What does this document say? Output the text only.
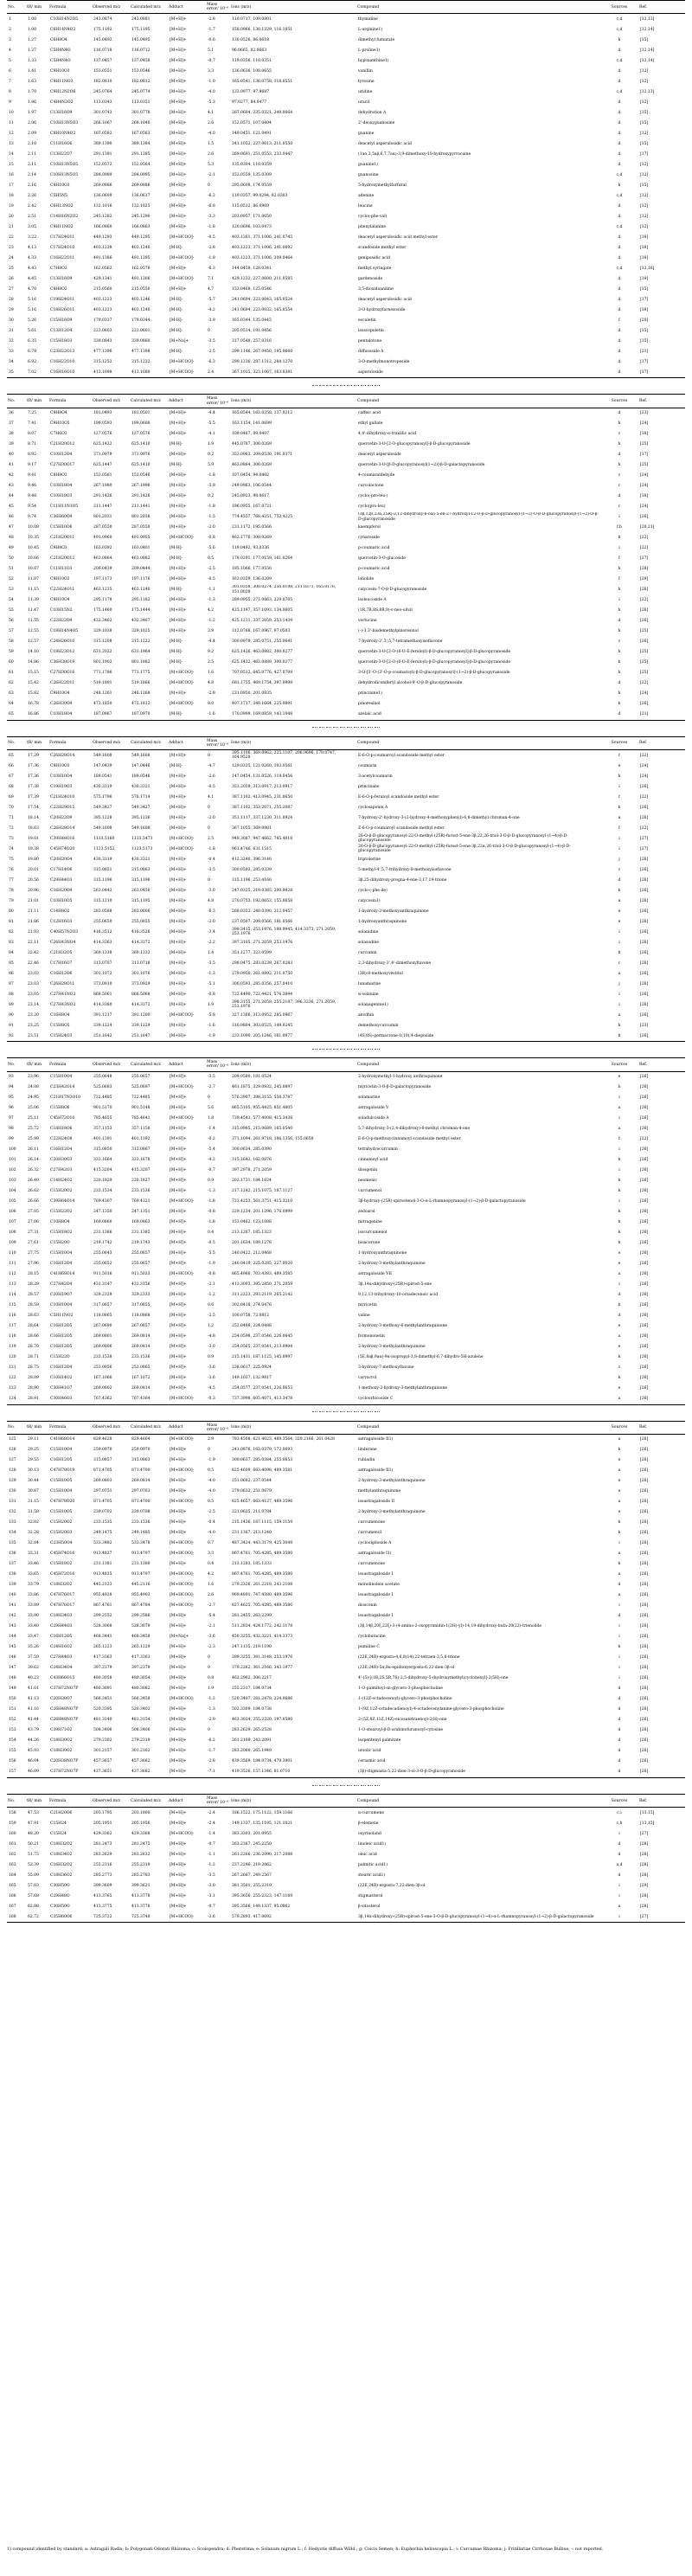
No.	tR/ min	Formula	Observed m/z	Calculated m/z	Adduct	Mass error/ 10⁻⁶	Ions (m/z)	Compound	Sources	Ref.
1	1.00	C10H14N2O5	243.0874	243.0881	[M+H]+	-2.8	110.0717, 109.0801	thymidine	c,d	[12,13]
2	1.00	C6H14N4O2	175.1192	175.1195	[M+H]+	-1.7	158.0966, 130.1329, 116.1051	L-arginine1)	c,d	[12,14]
3	1.27	C6H8O4	145.0492	145.0495	[M+H]+	-0.6	130.0526, 86.0618	dimethyl fumarate	h	[15]
4	1.27	C5H4N4O	116.0718	116.0712	[M+H]+	5.1	96.0665, 82.0663	L-proline1)	d	[12,14]
5	1.33	C5H4N4O	137.0457	137.0458	[M+H]+	-0.7	119.0356, 110.0351	hypoxanthine1)	c,d	[12,14]
6	1.41	C9H10O3	153.0551	153.0546	[M+H]+	3.3	136.0636, 108.0655	vanillin	d	[12]
7	1.63	C9H11NO3	182.0810	182.0812	[M+H]+	-1.0	165.0541, 136.0758, 118.0551	tyrosine	d	[12]
8	1.70	C9H12N2O6	245.0764	245.0774	[M+H]+	-4.0	133.0977, 97.9687	uridine	c,d	[12,13]
9	1.86	C4H4N2O2	113.0343	113.0351	[M+H]+	-5.3	97.0277, 84.0477	uracil	d	[12]
10	1.97	C13H16O9	301.0743	301.0778	[M+H]+	4.1	267.0604, 235.0321, 249.0064	dehydration A	d	[15]
11	2.06	C10H13N5O3	266.1067	268.1040	[M+H]+	2.6	152.0571, 107.0404	2'-deoxyguanosine	d	[15]
12	2.09	C8H10N4O2	167.0582	167.0563	[M+H]+	-4.0	149.0451, 121.0491	guanine	d	[12]
13	2.10	C11H16O6	389.1390	389.1384	[M+H]+	1.5	341.1052, 227.0613, 211.0550	deacetyl asperulosidic acid	d	[15]
14	2.11	C13H22O7	291.1391	291.1385	[M+H]+	2.6	269.0691, 251.0553, 233.0447	(1aα,3,5aβ,6,7,7aα)-3,9-dimethoxy-10-hydroxypyrrocaine	d	[17]
15	2.11	C10H13N5O5	152.0572	152.0564	[M+H]+	5.3	135.0304, 110.0359	guanine1)	d	[12]
16	2.14	C10H13N5O5	284.0989	284.0995	[M+H]+	-2.1	152.0559, 135.0309	guanosine	c,d	[12]
17	2.16	C8H10O3	269.0886	269.0886	[M+H]+	0	295.0608, 174.0559	5-hydroxymethylfurfural	h	[15]
18	2.26	C5H5N5	136.0609	136.0617	[M+H]+	-6.2	119.0357, 99.0294, 82.0303	adenine	c,d	[12]
19	2.42	C6H13NO2	132.1016	132.1025	[M+H]+	-6.8	115.0512, 86.0969	leucine	d	[12]
20	2.51	C14H16N2O2	245.1282	245.1290	[M+H]+	-3.3	203.0957, 171.0650	cyclo(-phe-val)	d	[12]
21	3.05	C9H11NO2	166.0860	166.0863	[M+H]+	-1.8	120.0696, 103.0473	phenylalanine	c,d	[12]
22	3.22	C17H24O11	449.1293	449.1295	[M+HCOO]-	-0.5	403.1261, 371.1006, 241.0745	deacetyl asperulosidic acid methyl ester	d	[18]
23	4.13	C17H24O10	403.1238	403.1240	[M-H]-	-2.8	403.1223, 371.1006, 241.0692	scandoside methyl ester	d	[18]
24	4.33	C16H22O11	491.1386	491.1395	[M+HCOO]-	-1.9	403.1223, 371.1006, 209.0464	geniposidic acid	d	[18]
25	4.43	C7H8O3	162.0562	162.0576	[M+H]+	-6.3	144.0458, 128.0341	methyl syringate	c,d	[12,16]
26	4.45	C13H16O9	429.1341	491.1306	[M+HCOO]-	7.1	429.1232, 227.0600, 211.0585	gardenoside	d	[19]
27	4.70	C8H8O2	215.0560	215.0550	[M+H]+	4.7	153.0468, 125.0546	3,5-dioxidoaniline	d	[15]
28	5.16	C19H24O11	403.1223	403.1246	[M-H]-	-5.7	241.0694, 223.0043, 165.0524	deacetyl asperulosidic acid	d	[17]
29	5.16	C18H26O11	403.1223	403.1240	[M-H]-	-4.2	241.0694, 223.0032, 165.0554	3-O-hydroxyfarnesoside	d	[18]
30	5.26	C15H16O9	179.0337	179.0344	[M-H]-	-3.9	165.0344, 135.0445	esculetin	f	[20]
31	5.61	C13H12O4	223.0603	223.0601	[M-H]-	0	205.0514, 191.0456	isoscopoletin	d	[15]
32	6.35	C15H18O3	339.0843	339.0860	[M+Na]+	-3.5	317.0548, 257.0316	pentalotone	d	[15]
33	6.79	C23H22O13	477.1396	477.1398	[M-H]-	-2.5	299.1146, 267.0450, 195.0660	diffusoside A	d	[21]
34	6.92	C16H22O10	315.1252	315.1232	[M+HCOO]-	-6.3	299.1236, 287.1312, 284.1270	3-O-methylmonotropeside	d	[17]
35	7.02	C16H16O10	413.1098	413.1080	[M+HCOO]-	2.4	367.1015, 323.1067, 163.0381	asperoloside	d	[17]
No.	tR/ min	Formula	Observed m/z	Calculated m/z	Adduct	Mass error/ 10⁻⁶	Ions (m/z)	Compound	Sources	Ref.
36	7.25	C9H8O4	181.0493	181.0501	[M+H]+	-4.4	165.0544, 163.0358, 137.0212	caffeic acid	d	[23]
37	7.41	C9H10O5	199.0593	199.0606	[M+H]+	-5.5	163.1154, 141.0699	ethyl gallate	h	[24]
38	8.07	C7H6O3	127.0576	127.0576	[M+H]+	-4.1	109.0467, 89.0407	4,4'-dihydroxy-α-truxillic acid	c	[18]
39	8.71	C21H20O12	625.1422	625.1410	[M-H]-	1.9	445.0767, 300.0269	quercetin-3-O-[2-O-glucopyranosyl]-β-D-glucopyranoside	b	[25]
40	8.92	C10H12O4	371.0979	371.0976	[M+H]+	0.2	353.0963, 209.0530, 191.0371	deacetyl asperuloside	d	[17]
41	9.17	C27H30O17	625.1447	625.1410	[M-H]-	5.9	463.0864, 300.0269	quercetin-3-O-[β-D-glucopyranosyl(1→2)]-β-D-galactopyranoside	b	[25]
42	9.41	C8H8O3	153.0561	153.0546	[M+H]+	-1.8	107.0454, 94.0402	4-coumaraldehyde	c	[24]
43	9.46	C10H18O4	267.1980	267.1996	[M+H]+	-3.8	249.0963, 106.0544	curcolactone	c	[24]
44	9.48	C10H18O3	291.1426	291.1426	[M+H]+	0.2	245.0923, 98.0617	cyclo(-pro-leu-)	d	[18]
45	9.54	C11H11N1O5	211.1447	211.1441	[M+H]+	-1.8	196.0955, 167.0721	cyclo(pro-leu)	c	[24]
46	9.74	C36H60O9	801.2031	801.2038	[M+H]+	-1.5	774.4557, 768.4251, 752.4225	(3β,12β,23α,25R)-3,12-dihydroxy-6-oxo-5-en-27-hydroxyl-12-O-β-D-glucopyranosyl-(1→2)-O-β-D-glucopyranosyl-(1→2)-O-β-D-glucopyranoside	i	[26]
47	10.08	C15H10O6	287.0550	287.0550	[M+H]+	-2.0	231.1172, 195.0566	kaempferol	f,h	[20,21]
48	10.35	C21H20O11	491.0960	491.0955	[M+HCOO]-	-0.8	462.1776, 300.0269	cynaroside	h	[22]
49	10.45	C9H8O3	163.0392	163.0401	[M-H]-	-5.6	119.0492, 93.0336	p-coumaric acid	i	[22]
50	10.66	C21H20O12	463.0864	463.0882	[M-H]-	0.5	178.0291, 177.0159, 161.0264	quercetin-3-O-glucoside	f	[27]
51	10.87	C11H11O3	209.0439	209.0444	[M+H]+	-2.5	195.1066, 177.0550	p-coumaric acid	b	[28]
52	11.07	C9H10O2	197.1173	197.1176	[M+H]+	-0.5	163.0359, 136.0209	loliolide	f	[29]
53	11.15	C22H24O11	463.1235	463.1240	[M-H]-	-1.1	301.0358, 300.0274, 256.0198, 211.0371, 165.0176, 151.0028	calycosin-7-O-β-D-glucopyranoside	b	[26]
54	11.39	C9H10O4	295.1178	295.1182	[M+H]+	-1.3	289.0955, 271.0863, 229.0765	isoleucoside A	i	[22]
55	11.47	C10H15N2	175.1460	175.1444	[M+H]+	4.2	425.1197, 357.1093, 134.0605	(1R,7R,8S,8R,9)-ε-neo-olivil	b	[26]
56	11.55	C22H22O9	432.3462	432.3467	[M+H]+	-1.2	425.1211, 337.2059, 253.1439	vertucine	d	[26]
57	12.55	C18H14N4O5	329.1038	329.1025	[M+H]+	3.9	312.0768, 167.0967, 97.0503	(-)-3,3'-bisdemethylpinoresinol	h	[25]
58	12.57	C24H26O10	315.1208	315.1222	[M-H]-	-4.4	300.0979, 285.0751, 255.0641	7-hydroxy-2',3',5,7-tetramethoxyisoflavone	c	[26]
59	14.10	C18H23O12	631.2022	631.1964	[M-H]-	9.2	625.1426, 463.0882, 300.0277	quercetin-3-O-[2-O-(6-O-E-feruloyl)-β-D-glucopyranosyl]-β-D-glucopyranoside	b	[25]
60	14.86	C36H38O19	801.1902	801.1882	[M-H]-	2.5	625.1422, 463.0889, 300.0277	quercetin-3-O-[2-O-(6-O-E-feruloyl)-β-D-glucopyranosyl]-β-D-glucopyranoside	b	[25]
61	15.15	C27H30O16	771.1786	771.1775	[M+HCOO]-	1.6	707.0512, 645.0776, 427.0709	3-O-[3'-O-(3'-O-p-coumaroyl)-β-D-glucopyranosyl]-(1→2)-β-D-glucopyranoside	b	[25]
62	15.42	C26H22O11	519.1891	519.1866	[M+HCOO]-	4.8	681.1755, 469.1754, 397.0999	dehydrodiconiferyl alcohol-9'-O-β-D-glucopyranoside	d	[22]
63	15.82	C9H10O4	248.1261	248.1268	[M+H]+	-2.8	231.0950, 201.0835	princinine1)	h	[24]
64	16.78	C26H30O9	473.1850	473.1812	[M+HCOO]-	8.0	407.1717, 349.1664, 225.0891	pinoresinol	b	[26]
65	16.86	C10H18O4	187.0967	187.0970	[M-H]-	-1.6	170.0999, 169.0859, 143.1048	azelaic acid	d	[21]
No.	tR/ min	Formula	Observed m/z	Calculated m/z	Adduct	Mass error/ 10⁻⁶	Ions (m/z)	Compound	Sources	Ref.
65	17.29	C26H28O14	549.1608	549.1608	[M+H]+	0	395.1106, 369.0962, 225.1107, 206.9696, 179.0747, 164.9528	E-6-O-p-coumaroyl scandoside methyl ester	f	[22]
66	17.36	C9H10O3	147.0439	147.0446	[M-H]-	-4.7	129.0335, 121.0260, 103.0561	coumarin	e	[24]
67	17.36	C10H10O4	189.0541	189.0546	[M+H]+	-2.6	147.0454, 131.0526, 119.0456	3-acetylcoumarin	h	[24]
68	17.38	C19H19O3	430.3319	430.3321	[M+H]+	-0.5	353.2059, 313.0917, 213.0917	princinane	i	[26]
69	17.39	C21H24O10	575.1796	576.1714	[M+H]+	4.1	387.1102, 413.0945, 231.0650	E-6-O-p-feruloyl scandoside methyl ester	f	[22]
70	17.54	C22H29O15	549.3427	549.3427	[M+H]+	0	387.1102, 353.2071, 255.2087	cyclosaponin A	b	[26]
71	18.14	C20H22O9	395.1228	395.1236	[M+H]+	-2.0	351.1117, 337.1230, 311.0924	7-hydroxy-2'-hydroxy-3-(2-hydroxy-4-methoxyphenyl)-6,8-dimethyl chroman-4-one	a	[26]
72	18.63	C26H28O14	549.1608	549.1608	[M+H]+	0	367.1055, 369.0981	Z-6-O-p-coumaroyl scandoside methyl ester	f	[22]
73	19.01	C39H48O16	1133.5160	1133.5473	[M+HCOO]-	2.5	949.3087, 947.4662, 785.4018	26-O-β-D-glucopyranosyl-22-O-methyl-(25R)-furost-5-ene-3β,22,26-triol-3-O-β-D-glucopyranosyl-(1→4)-β-D-glucopyranoside	i	[27]
74	19.38	C45H74O20	1123.5152	1123.5173	[M+HCOO]-	-1.8	961.4746, 631.1515	26-O-β-D-glucopyranosyl-22-O-methyl-(25R)-furost-5-ene-3β,22α,26-triol-3-O-β-D-glucopyranosyl-(1→4)-β-D-glucopyranoside	i	[27]
75	19.80	C20H20O4	430.3319	430.3321	[M+H]+	-0.4	412.3240, 396.3140	triptolerine	j	[26]
76	20.01	C17H14O6	315.0851	315.0863	[M+H]+	-3.5	300.0593, 285.0339	5-methyl-4',5,7-trihydroxy-8-methoxyisoflavone	c	[26]
77	20.56	C29H44O3	315.1196	315.1196	[M+H]+	0	315.1196, 253.4160	3β,25-dihydroxy-pregna-4-ene-3,17,19-trione	d	[26]
78	20.96	C16H20O9	263.0442	263.0450	[M+H]+	-3.0	247.0325, 219.0385, 200.9928	cyclo-(-phe-ile)	b	[26]
79	21.01	C10H10O5	315.1210	315.1195	[M+H]+	4.8	270.0753, 192.0653, 155.0658	calycosin1)	a	[26]
80	21.11	C14H8O2	283.0588	283.0606	[M+H]+	-6.3	268.0353, 240.0390, 212.0457	1-hydroxy-2-methoxyanthraquinone	e	[26]
81	21.86	C12H16O3	255.0650	255.0655	[M+H]+	-2.0	237.0507, 209.0566, 181.0566	1-hydroxyanthraquinone	e	[26]
82	21.93	C40H57N2O3	416.3512	416.3526	[M+H]+	-3.4	398.3415, 253.1976, 198.9945, 414.3373, 271.2059, 253.1976	solanidine	i	[26]
83	22.11	C26H43NO4	414.3363	414.3372	[M+H]+	-2.2	397.3105, 271.2059, 253.1976	solasodine	i	[26]
84	22.42	C21H32O5	369.1338	369.1333	[M+H]+	1.4	351.1277, 323.0599	curcumin	h	[26]
85	22.46	C17H16O7	313.0707	313.0718	[M+H]+	-3.5	298.0475, 283.0239, 267.0283	2,3-dihydroxy-3',4'-dimethoxyflavone	c	[26]
86	23.03	C16H12O6	301.1072	301.1076	[M+H]+	-1.3	279.0950, 261.0892, 211.0750	(3R)-8-methoxyvestitol	a	[26]
87	23.03	C26H28O11	373.0910	373.0929	[M+H]+	-5.1	300.0593, 285.0356, 257.0410	lunamarine	j	[26]
88	23.05	C27H41NO2	868.5061	868.5068	[M+H]+	-0.8	722.4490, 722.4421, 576.3894	α-solanine	i	[26]
89	23.14	C27H43NO2	414.3380	414.3372	[M+H]+	1.9	398.3155, 271.2059, 255.2187, 396.3236, 271.2059, 253.1976	solanagenine1)	i	[26]
90	23.20	C16H8O4	391.1217	391.1200	[M+HCOO]-	-5.8	327.1306, 313.0952, 285.0967	anvdhin	a	[26]
91	23.25	C15H8O5	339.1224	339.1229	[M+H]+	-1.6	310.0804, 303.0525, 149.0245	demethoxycurcumin	h	[23]
92	23.51	C15H24O3	251.1642	251.1647	[M+H]+	-1.9	233.1090, 205.1246, 161.0977	(4S,8S)-germacrone-1(10),4-diepoxide	h	[26]
No.	tR/ min	Formula	Observed m/z	Calculated m/z	Adduct	Mass error/ 10⁻⁶	Ions (m/z)	Compound	Sources	Ref.
93	23.96	C15H10O4	255.0648	255.0657	[M+H]+	-3.5	209.0580, 181.0524	2-hydroxymethyl-1-hydroxy anthraquinone	e	[26]
94	24.08	C23H42O14	525.0683	525.0697	[M+HCOO]-	-2.7	461.1875, 329.0932, 245.0897	myricetin-3-O-β-D-galactopyranoside	b	[26]
95	24.95	C21H17N3O10	722.4485	722.4485	[M+H]+	0	576.3907, 398.3155, 558.3787	solamarine	i	[26]
96	25.06	C15H8O6	901.5170	901.5148	[M+H]+	5.6	865.5105, 955.4425, 851.4805	astragaloside V	a	[26]
97	25.11	C45H72O16	785.4655	785.4641	[M+HCOO]-	1.8	739.4543, 577.4008, 415.3438	soladulcoside A	i	[26]
98	25.72	C18H18O6	357.1153	357.1158	[M+H]+	-1.4	315.0985, 215.0689, 165.0540	5,7-dihydroxy-3-(2,4-dihydroxy)-6-methyl chroman-4-one	a	[26]
99	25.99	C22H24O8	401.1391	401.1392	[M+H]+	-0.2	371.1094, 261.9718, 186.1356, 155.0658	E-6-O-p-methoxycinnamoyl scandoside methyl ester	f	[22]
100	26.11	C16H12O4	315.0850	315.0867	[M+H]+	-5.4	300.0634, 285.0390	tetrahydrocurcumin	i	[26]
101	26.14	C20H30O3	333.1664	333.1678	[M+H]+	-4.2	315.1642, 162.0876	cinnamoyl acid	h	[26]
102	26.32	C27H42O3	415.3204	415.3207	[M+H]+	-0.7	397.2978, 271.2059	diosgenin	i	[26]
103	26.40	C14H24O2	220.1829	220.1827	[M+H]+	0.9	202.1731, 184.1624	neomenic	h	[26]
104	26.62	C15H20O2	233.1534	233.1536	[M+H]+	-1.3	217.1242, 215.1075, 187.1127	curcumenol	h	[26]
105	26.66	C39H64O14	769.4307	769.4321	[M+HCOO]-	-1.8	723.4253, 561.3751, 415.3210	3β-hydroxy-(25R)-spirostenol-3-O-α-L-rhamnopyranosyl-(1→2)-β-D-galactopyranoside	i	[26]
106	27.05	C15H22O2	247.1350	247.1351	[M+H]+	-0.8	229.1234, 201.1296, 176.0999	zedoarol	h	[26]
107	27.06	C10H8O4	169.0860	169.0863	[M+H]+	-1.8	153.0462, 123.1088	mitragenine	h	[26]
108	27.31	C15H18O2	231.1386	231.1385	[M+H]+	0.4	213.1267, 185.1323	isocurcumenol	h	[26]
109	27.61	C15H20O	219.1742	219.1743	[M+H]+	-0.5	201.1634, 189.1278	bisacurone	h	[26]
110	27.75	C15H10O4	255.0643	255.0657	[M+H]+	-5.5	240.0422, 212.0468	1-hydroxyanthraquinone	e	[26]
111	27.96	C16H12O4	255.0652	255.0657	[M+H]+	-1.9	240.0419, 225.0285, 227.0020	2-hydroxy-3-methylanthraquinone	e	[26]
112	28.15	C41H68O14	911.5016	911.5023	[M+HCOO]-	-0.8	865.4960, 703.4383, 489.3585	astragaloside VII	a	[26]
113	28.29	C27H42O4	431.3147	431.3156	[M+H]+	-2.1	413.3003, 395.2850, 271.2059	3β,14α-dihydroxy-(25R)-spirost-5-ene	i	[26]
114	28.57	C20H19O7	329.2329	329.2333	[M+H]+	-1.2	311.2223, 293.2119, 265.2142	9,12,13-trihydroxy-10-octadecenoic acid	d	[26]
115	28.59	C10H10O4	317.0657	317.0655	[M+H]+	0.6	302.0418, 274.0476	myricetin	b	[26]
116	28.63	C5H11NO2	118.0865	118.0868	[M+H]+	-2.5	100.0758, 72.0812	valine	d	[26]
117	28.64	C16H12O5	267.0690	267.0657	[M+H]+	1.2	252.0488, 224.0488	2-hydroxy-3-methoxy-6-methylanthraquinone	e	[26]
118	28.66	C16H12O5	269.0801	269.0814	[M+H]+	-4.8	254.0598, 237.0546, 226.0645	formononetin	a	[26]
119	28.70	C16H12O5	269.0806	269.0814	[M+H]+	-3.0	254.0565, 237.0541, 213.0904	2-hydroxy-3-methylanthraquinone	e	[26]
120	28.71	C15H22O	233.1538	233.1536	[M+H]+	0.9	215.1431, 187.1125, 145.0997	(5E,8aβ,9aα)-9α-isopropyl-3,8-dimethyl-6,7-dihydro-5H-azulene	h	[26]
121	28.75	C16H12O4	253.0856	253.0865	[M+H]+	-3.6	238.0617, 225.0924	3-hydroxy-7-methoxyflavone	c	[26]
122	28.89	C10H14O2	167.1066	167.1072	[M+H]+	-3.6	149.1037, 132.9817	carvacrol	h	[26]
123	28.90	C30H41O7	269.0802	269.0814	[M+H]+	-4.5	254.0577, 237.0541, 226.0653	1-methoxy-2-hydroxy-3-methylanthraquinone	e	[26]
124	28.91	C30H46O3	767.4362	767.4364	[M+HCOO]-	-0.3	737.3998, 605.4071, 413.3478	cycloorbicoside C	a	[26]
No.	tR/ min	Formula	Observed m/z	Calculated m/z	Adduct	Mass error/ 10⁻⁶	Ions (m/z)	Compound	Sources	Ref.
125	29.11	C41H68O14	829.4628	829.4604	[M+HCOO]-	2.9	783.4508, 621.4023, 489.3564, 329.2166, 261.0428	astragaloside II1)	a	[26]
126	29.25	C15H10O4	259.0970	259.0970	[M+H]+	0	241.0876, 163.0379, 172.0693	linderane	h	[26]
127	29.55	C16H12O5	315.0857	315.0863	[M+H]+	-1.9	300.0637, 285.0384, 255.0653	rubiadin	e	[26]
128	30.13	C47H78O19	871.4705	871.4700	[M+HCOO]-	0.5	825.4609, 663.4098, 489.3581	astragaloside II1)	a	[26]
129	30.44	C15H10O5	269.0803	269.0814	[M+H]+	-4.0	251.0682, 237.0544	2-hydroxy-3-methylanthraquinone	e	[26]
130	30.87	C15H10O4	297.0751	297.0763	[M+H]+	-4.0	279.0632, 251.0679	methylanthraquinone	e	[26]
131	31.15	C47H78O20	871.4705	871.4700	[M+HCOO]-	0.5	825.4657, 663.4127, 489.3596	isoastragaloside II	a	[26]
132	31.58	C15H10O5	239.0702	239.0708	[M+H]+	-2.5	221.0625, 211.0784	2-hydroxy-3-methylanthraquinone	e	[26]
133	32.02	C15H20O2	233.1535	233.1536	[M+H]+	-0.4	215.1436, 187.1115, 159.1159	curcumenone	h	[26]
134	32.28	C15H20O3	249.1475	249.1485	[M+H]+	-4.0	231.1367, 213.1240	curcumenol	h	[26]
135	32.84	C23H50O4	533.3482	533.3478	[M+HCOO]-	0.7	487.3424, 443.3179, 425.3049	cycloolgiloside A	i	[26]
136	33.31	C45H74O16	913.4827	913.4797	[M+HCOO]-	3.3	867.4761, 705.4285, 489.3580	astragaloside I1)	a	[26]
137	33.46	C15H18O2	231.1381	231.1380	[M+H]+	0.4	213.1283, 185.1333	curcumenone	h	[26]
138	33.65	C45H72O16	913.4835	913.4797	[M+HCOO]-	4.2	867.4761, 705.4285, 489.3580	isoastragaloside I	a	[26]
139	33.79	C18H32O2	445.2123	445.2116	[M+HCOO]-	1.6	279.2326, 261.2218, 243.2108	monolinolein acetate	d	[26]
140	33.86	C47H76O17	955.4928	955.4903	[M+HCOO]-	2.6	909.4891, 747.4380, 489.3596	isoastragaloside I	a	[26]
141	33.89	C47H76O17	867.4761	867.4784	[M+HCOO]-	-2.7	827.4625, 705.4285, 489.3580	diosconin	i	[26]
142	33.90	C18H34O3	299.2552	299.2586	[M+H]+	-5.4	281.2455, 263.2299	isoastragaloside I	d	[26]
143	33.40	C29H44O3	528.3068	528.3079	[M+H]+	-2.1	511.2834, 424.1772, 242.1178	(3β,14β,20ξ,22ξ)-3-(4-amino-2-oxopyrimidin-1(2H)-yl)-14,19-dihydroxy-bufa-20(22)-trienolide	i	[26]
144	33.47	C16H12O5	468.3441	468.3458	[M+Na]+	-3.6	450.3255, 432.3221, 414.3373	cyclobutacine	i	[26]
145	35.26	C24H16O2	265.1223	265.1229	[M+H]+	-2.3	247.1135, 219.1190	pumiline C	h	[26]
146	37.59	C27H44O3	417.3363	417.3363	[M+H]+	0	399.3255, 381.3148, 253.1976	(22E,24R)-ergosta-4,6,8(14),22-tetraen-3,5,6-trione	i	[26]
147	39.62	C24H34O4	397.2379	397.2379	[M+H]+	0	379.2262, 361.2166, 343.1977	(22E,24R)-5α,8α-epidioxyergosta-6,22-dien-3β-ol	i	[26]
148	40.23	C43H66O15	480.3058	480.3054	[M+H]+	0.8	462.2962, 306.2217	4'-(5)-[(1R,2S,5R,7S)-2,5-dihydroxy-5-(hydroxymethyl)cyclohexyl]-2(5H)-one	i	[26]
149	41.01	C37H72NO7P	480.3091	480.3082	[M+H]+	1.9	255.2317, 184.0734	1-O-palmitoyl-sn-glycero-3-phosphocholine	d	[26]
150	41.13	C20H38O7	566.3451	566.3458	[M+HCOO]-	-1.2	520.3407, 281.2478, 224.0686	1-(12Z-octadecenoyl)-glycero-3-phosphocholine	d	[26]
151	41.16	C26H48NO7P	520.3395	520.3402	[M+H]+	-1.3	502.3309, 184.0738	1-(9Z,12Z-octadecadienoyl)-4-octadecenylanine-glycero-3-phosphocholine	d	[26]
152	41.44	C26H48NO7P	481.3140	481.3154	[M+H]+	-2.9	463.3024, 255.2320, 197.0580	2-(5Z,8Z,11Z,14Z)-eicosatetraenoyl-2(H)-one	d	[26]
153	43.79	C39H71O2	508.3406	508.3406	[M+H]+	0	283.2629, 265.2528	1-O-stearoyl-β-D-arabinofuranosyl-cytosine	d	[26]
154	44.26	C18H30O2	279.2302	279.2319	[M+H]+	-6.2	261.2169, 243.2091	isopentenyl palmitate	d	[26]
155	45.93	C18H30O2	301.2157	301.2162	[M+H]+	-1.7	283.2060, 265.1949	ursolic acid	d	[26]
156	46.04	C20H38NO7P	457.3657	457.3682	[M+H]+	-2.8	439.3569, 184.0734, 479.3901	cerasmic acid	d	[26]
157	46.09	C37H72NO7P	437.3651	437.3682	[M+H]+	-7.1	419.3526, 157.1346, 81.0710	(3β)-stigmasta-5,22-dien-3-ol-3-O-β-D-glucopyranoside	d	[26]
No.	tR/ min	Formula	Observed m/z	Calculated m/z	Adduct	Mass error/ 10⁻⁶	Ions (m/z)	Compound	Sources	Ref.
158	47.53	C21H20O6	203.1795	203.1800	[M+H]+	-2.4	186.1522, 175.1122, 159.1166	α-curcumene	c,i	[13,15]
159	47.91	C15H24	205.1951	205.1956	[M+H]+	-2.4	149.1337, 135.1195, 121.1021	β-elemene	c,h	[13,15]
160	48.20	C15H24	429.3362	429.3368	[M+HCOO]-	-1.4	383.3303, 201.0955	oxyrinoland	i	[27]
161	50.21	C18H32O2	281.2473	281.2475	[M+H]+	-0.7	263.2367, 245.2250	linoleic acid1)	d	[28]
162	51.73	C18H34O2	283.2629	283.2632	[M+H]+	-1.1	261.2266, 236.2090, 217.2088	oleic acid	d	[28]
163	52.39	C16H32O2	255.2316	255.2319	[M+H]+	-1.2	237.2246, 219.2062	palmitic acid1)	a,d	[28]
164	55.09	C18H36O2	285.2773	285.2783	[M+H]+	-3.5	267.2667, 249.2567	stearic acid1)	d	[28]
165	57.03	C30H50O	399.3609	399.3621	[M+H]+	-3.0	381.3501, 255.2319	(22E,24R)-ergosta-7,22-dien-3β-ol	i	[29]
166	57.68	C29H48O	413.3765	413.3778	[M+H]+	-3.1	395.3656, 255.2323, 147.1169	stigmasterol	i	[28]
167	62.08	C30H50O	413.3775	413.3778	[M+H]+	-0.7	395.3566, 149.1337, 95.0862	β-sitosterol	a	[28]
168	62.72	C35H60O6	725.3722	725.3748	[M+HCOO]-	-3.6	579.2893, 417.0692	3β,14α-dihydroxy-(25R)-spirost-5-ene-3-O-β-D-glucopyranosyl-(1→4)-α-L-rhamnopyranosyl-(1→2)-β-D-galactopyranoside	i	[27]
1) compound identified by standard; a: Astragali Radix; b: Polygonati Odorati Rhizoma; c: Scolopendra; d: Pheretima; e: Solanum nigrum L.; f: Hedyotis diffusa Willd.; g: Coicis Semen; h: Euphorbia helioscopia L.; i: Curcumae Rhizoma; j: Fritillariae Cirrhosae Bulbus; -: not reported.
